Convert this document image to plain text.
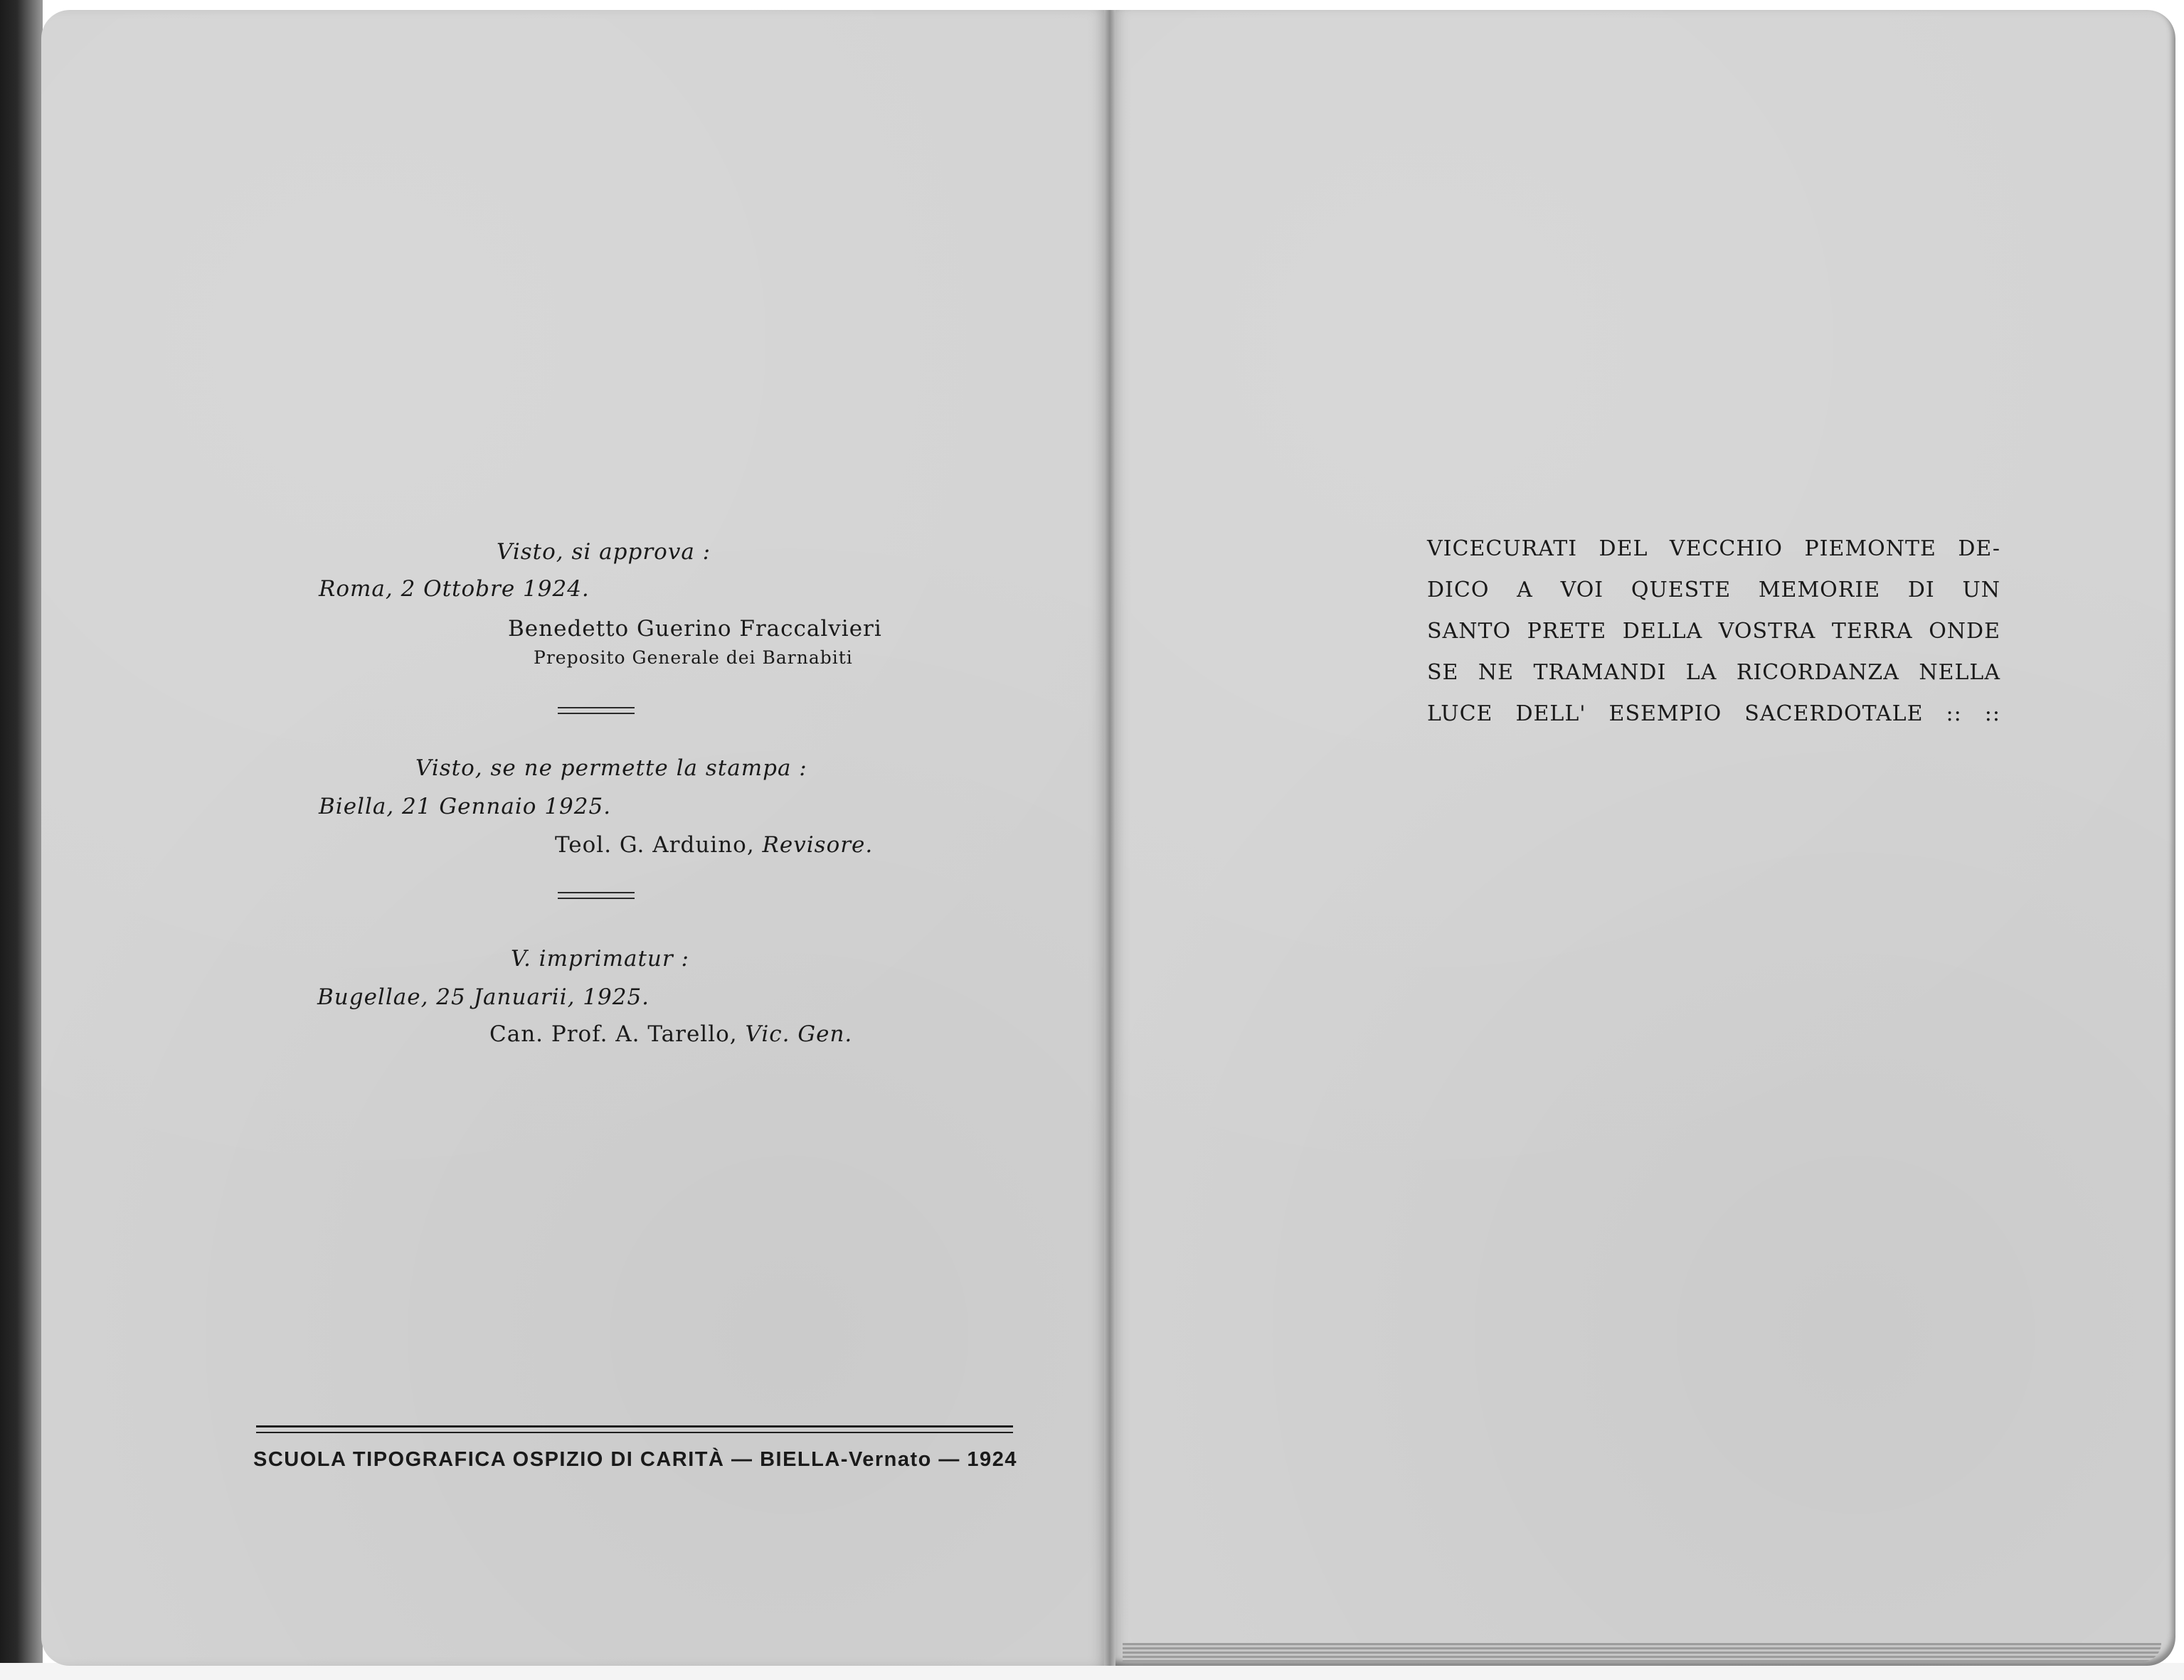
Visto, si approva :
Roma, 2 Ottobre 1924.
Benedetto Guerino Fraccalvieri
Preposito Generale dei Barnabiti
Visto, se ne permette la stampa :
Biella, 21 Gennaio 1925.
Teol. G. Arduino, Revisore.
V. imprimatur :
Bugellae, 25 Januarii, 1925.
Can. Prof. A. Tarello, Vic. Gen.
SCUOLA TIPOGRAFICA OSPIZIO DI CARITÀ — BIELLA-Vernato — 1924
VICECURATI DEL VECCHIO PIEMONTE DE-
DICO A VOI QUESTE MEMORIE DI UN
SANTO PRETE DELLA VOSTRA TERRA ONDE
SE NE TRAMANDI LA RICORDANZA NELLA
LUCE DELL' ESEMPIO SACERDOTALE :: ::
